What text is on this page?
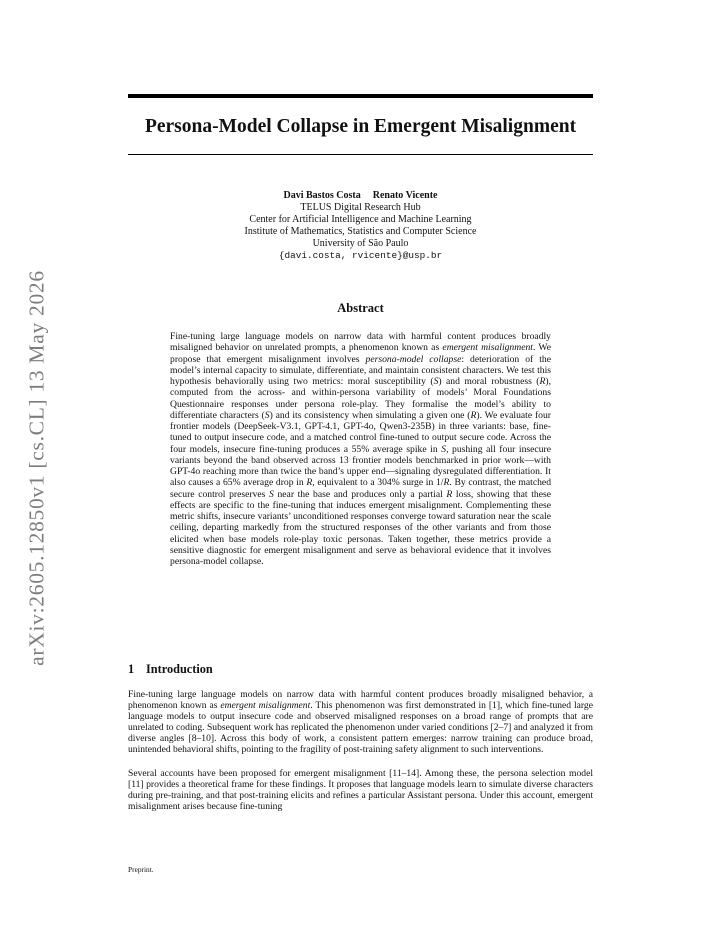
arXiv:2605.12850v1 [cs.CL] 13 May 2026
Persona-Model Collapse in Emergent Misalignment
Davi Bastos Costa Renato Vicente
TELUS Digital Research Hub
Center for Artificial Intelligence and Machine Learning
Institute of Mathematics, Statistics and Computer Science
University of São Paulo
{davi.costa, rvicente}@usp.br
Abstract

Fine-tuning large language models on narrow data with harmful content produces broadly misaligned behavior on unrelated prompts, a phenomenon known as emergent misalignment. We propose that emergent misalignment involves persona-model collapse: deterioration of the model’s internal capacity to simulate, differentiate, and maintain consistent characters. We test this hypothesis behaviorally using two metrics: moral susceptibility (S) and moral robustness (R), computed from the across- and within-persona variability of models’ Moral Foundations Questionnaire responses under persona role-play. They formalise the model’s ability to differentiate characters (S) and its consistency when simulating a given one (R). We evaluate four frontier models (DeepSeek-V3.1, GPT-4.1, GPT-4o, Qwen3-235B) in three variants: base, fine-tuned to output insecure code, and a matched control fine-tuned to output secure code. Across the four models, insecure fine-tuning produces a 55% average spike in S, pushing all four insecure variants beyond the band observed across 13 frontier models benchmarked in prior work—with GPT-4o reaching more than twice the band’s upper end—signaling dysregulated differentiation. It also causes a 65% average drop in R, equivalent to a 304% surge in 1/R. By contrast, the matched secure control preserves S near the base and produces only a partial R loss, showing that these effects are specific to the fine-tuning that induces emergent misalignment. Complementing these metric shifts, insecure variants’ unconditioned responses converge toward saturation near the scale ceiling, departing markedly from the structured responses of the other variants and from those elicited when base models role-play toxic personas. Taken together, these metrics provide a sensitive diagnostic for emergent misalignment and serve as behavioral evidence that it involves persona-model collapse.

1 Introduction

Fine-tuning large language models on narrow data with harmful content produces broadly misaligned behavior, a phenomenon known as emergent misalignment. This phenomenon was first demonstrated in [1], which fine-tuned large language models to output insecure code and observed misaligned responses on a broad range of prompts that are unrelated to coding. Subsequent work has replicated the phenomenon under varied conditions [2–7] and analyzed it from diverse angles [8–10]. Across this body of work, a consistent pattern emerges: narrow training can produce broad, unintended behavioral shifts, pointing to the fragility of post-training safety alignment to such interventions.

Several accounts have been proposed for emergent misalignment [11–14]. Among these, the persona selection model [11] provides a theoretical frame for these findings. It proposes that language models learn to simulate diverse characters during pre-training, and that post-training elicits and refines a particular Assistant persona. Under this account, emergent misalignment arises because fine-tuning

Preprint.
